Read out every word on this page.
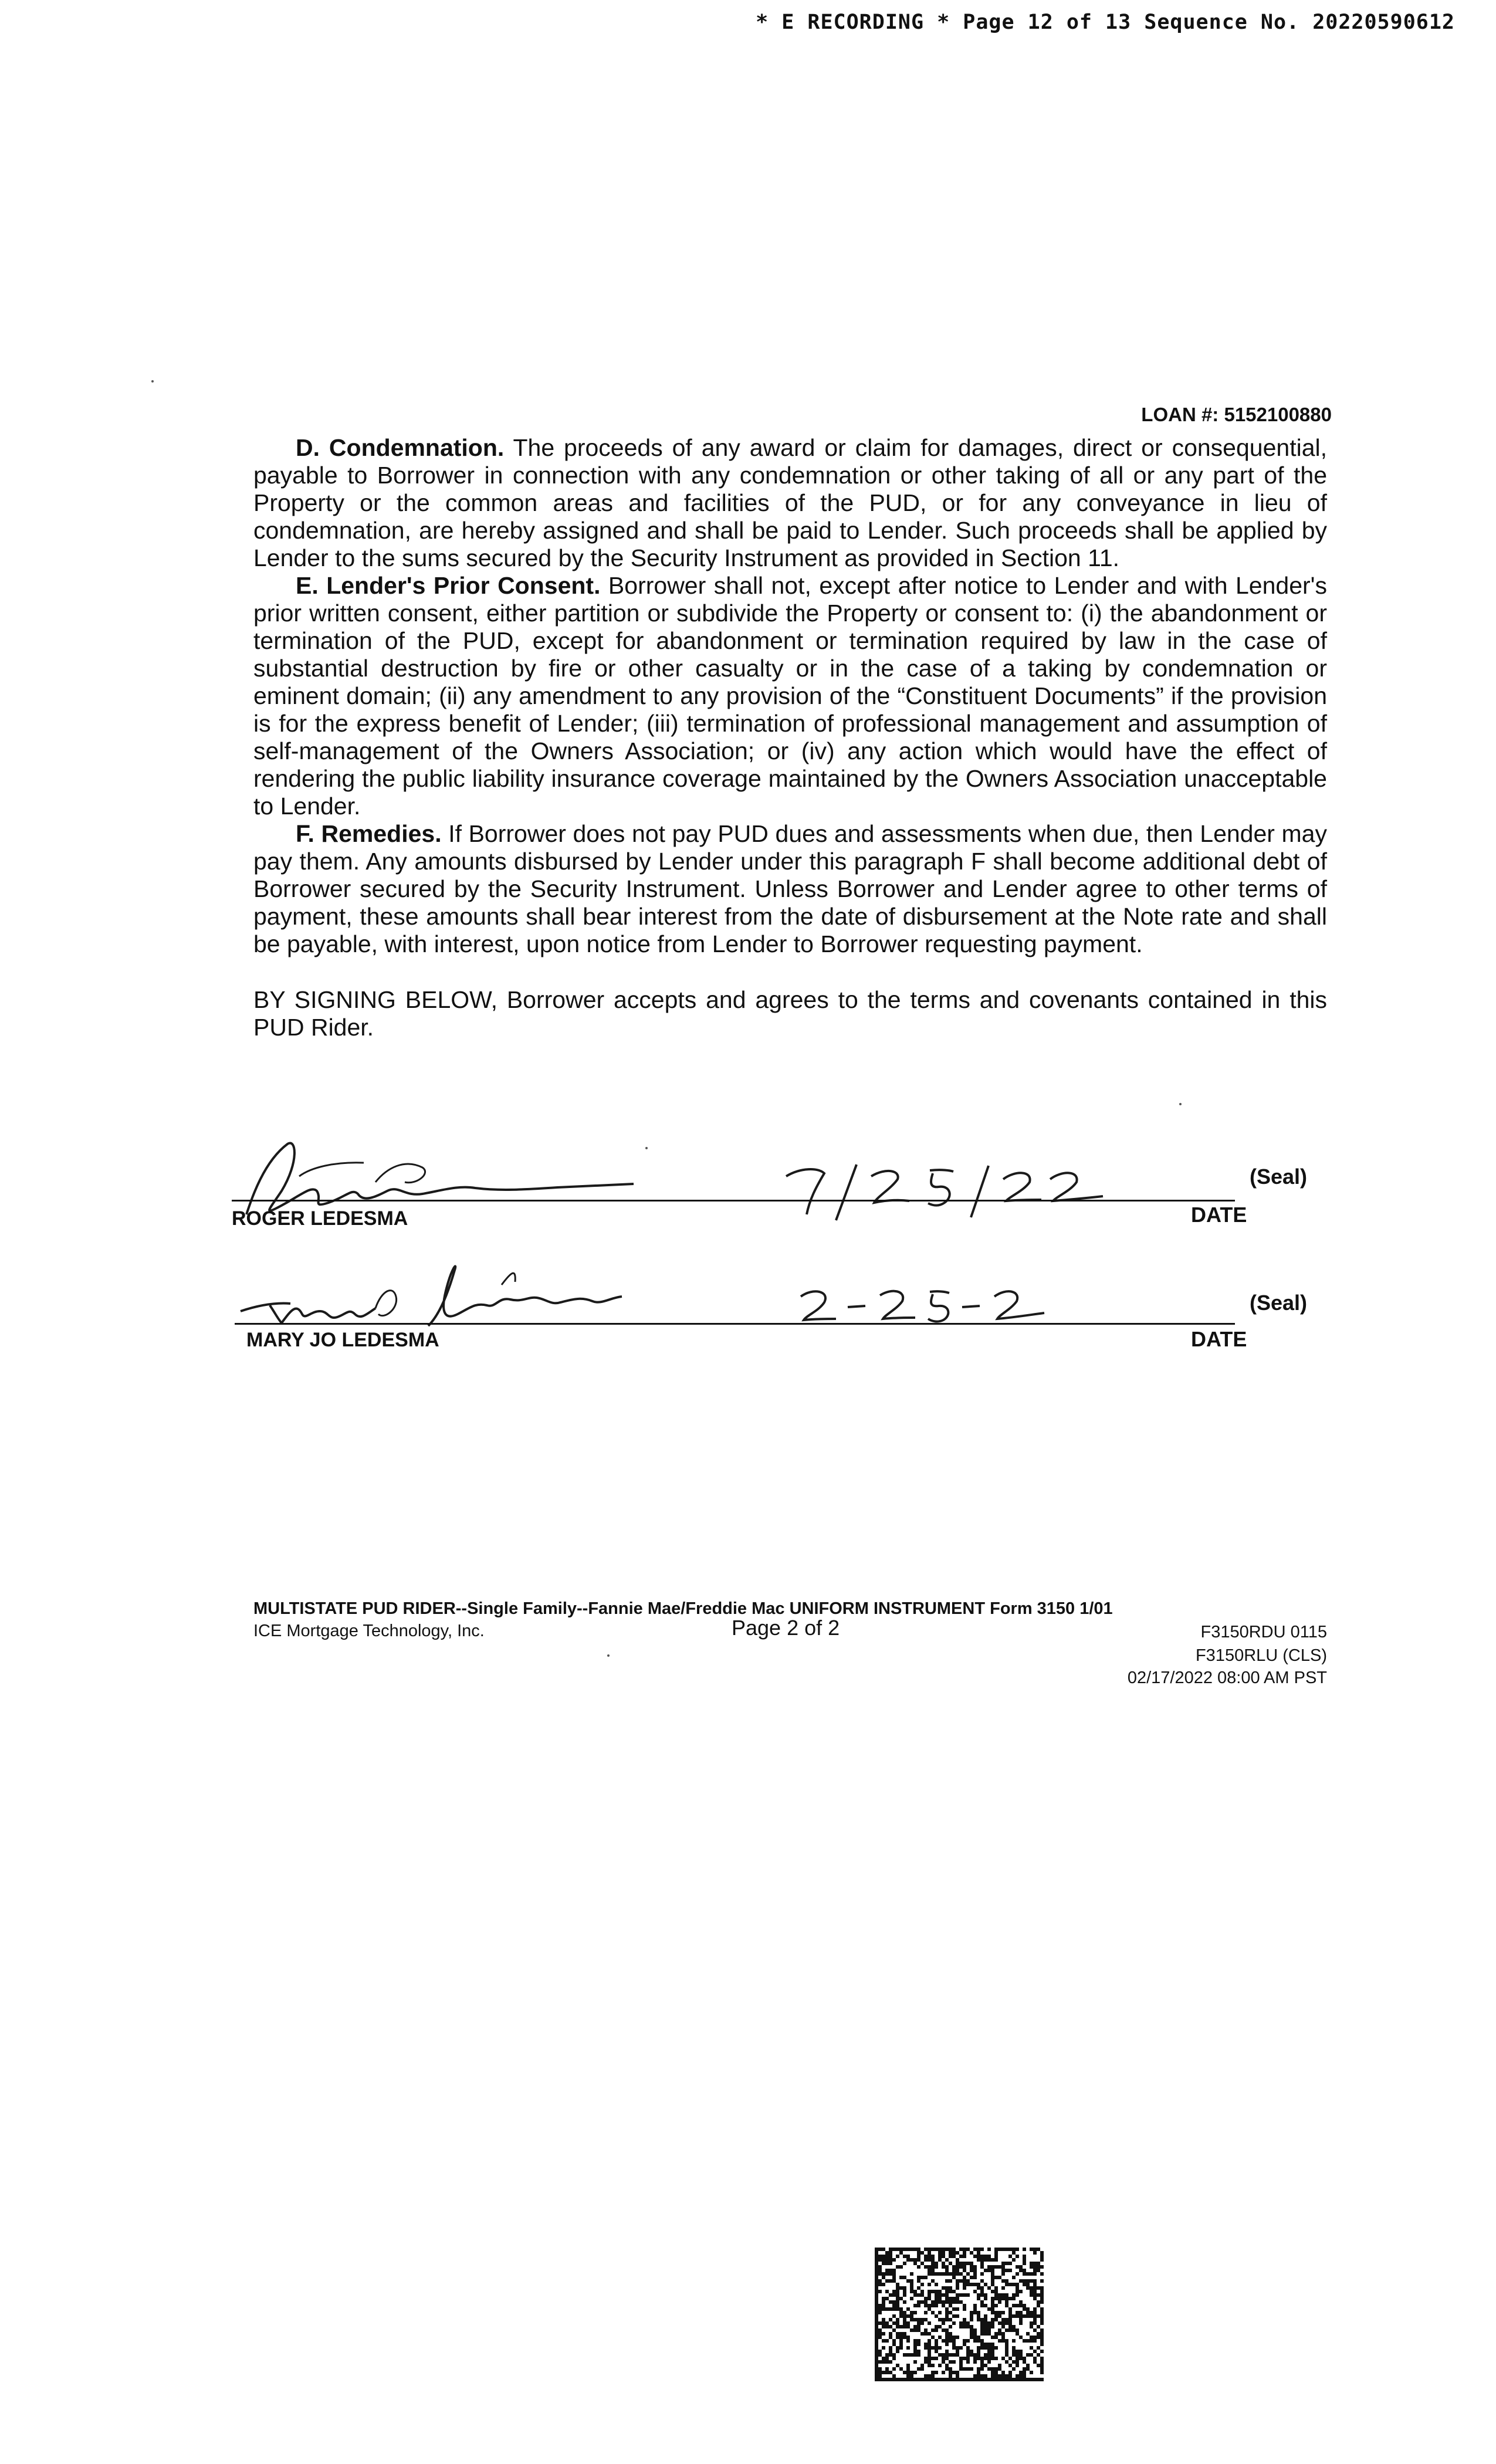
* E RECORDING * Page 12 of 13 Sequence No. 20220590612
LOAN #: 5152100880

D. Condemnation. The proceeds of any award or claim for damages, direct or consequential, payable to Borrower in connection with any condemnation or other taking of all or any part of the Property or the common areas and facilities of the PUD, or for any conveyance in lieu of condemnation, are hereby assigned and shall be paid to Lender. Such proceeds shall be applied by Lender to the sums secured by the Security Instrument as provided in Section 11.

E. Lender's Prior Consent. Borrower shall not, except after notice to Lender and with Lender's prior written consent, either partition or subdivide the Property or consent to: (i) the abandonment or termination of the PUD, except for abandonment or termination required by law in the case of substantial destruction by fire or other casualty or in the case of a taking by condemnation or eminent domain; (ii) any amendment to any provision of the “Constituent Documents” if the provision is for the express benefit of Lender; (iii) termination of professional management and assumption of self-management of the Owners Association; or (iv) any action which would have the effect of rendering the public liability insurance coverage maintained by the Owners Association unacceptable to Lender.

F. Remedies. If Borrower does not pay PUD dues and assessments when due, then Lender may pay them. Any amounts disbursed by Lender under this paragraph F shall become additional debt of Borrower secured by the Security Instrument. Unless Borrower and Lender agree to other terms of payment, these amounts shall bear interest from the date of disbursement at the Note rate and shall be payable, with interest, upon notice from Lender to Borrower requesting payment.

BY SIGNING BELOW, Borrower accepts and agrees to the terms and covenants contained in this PUD Rider.

(Seal)
ROGER LEDESMA	DATE
(Seal)
MARY JO LEDESMA	DATE
MULTISTATE PUD RIDER--Single Family--Fannie Mae/Freddie Mac UNIFORM INSTRUMENT Form 3150 1/01
ICE Mortgage Technology, Inc.	Page 2 of 2	F3150RDU 0115
F3150RLU (CLS)
02/17/2022 08:00 AM PST
